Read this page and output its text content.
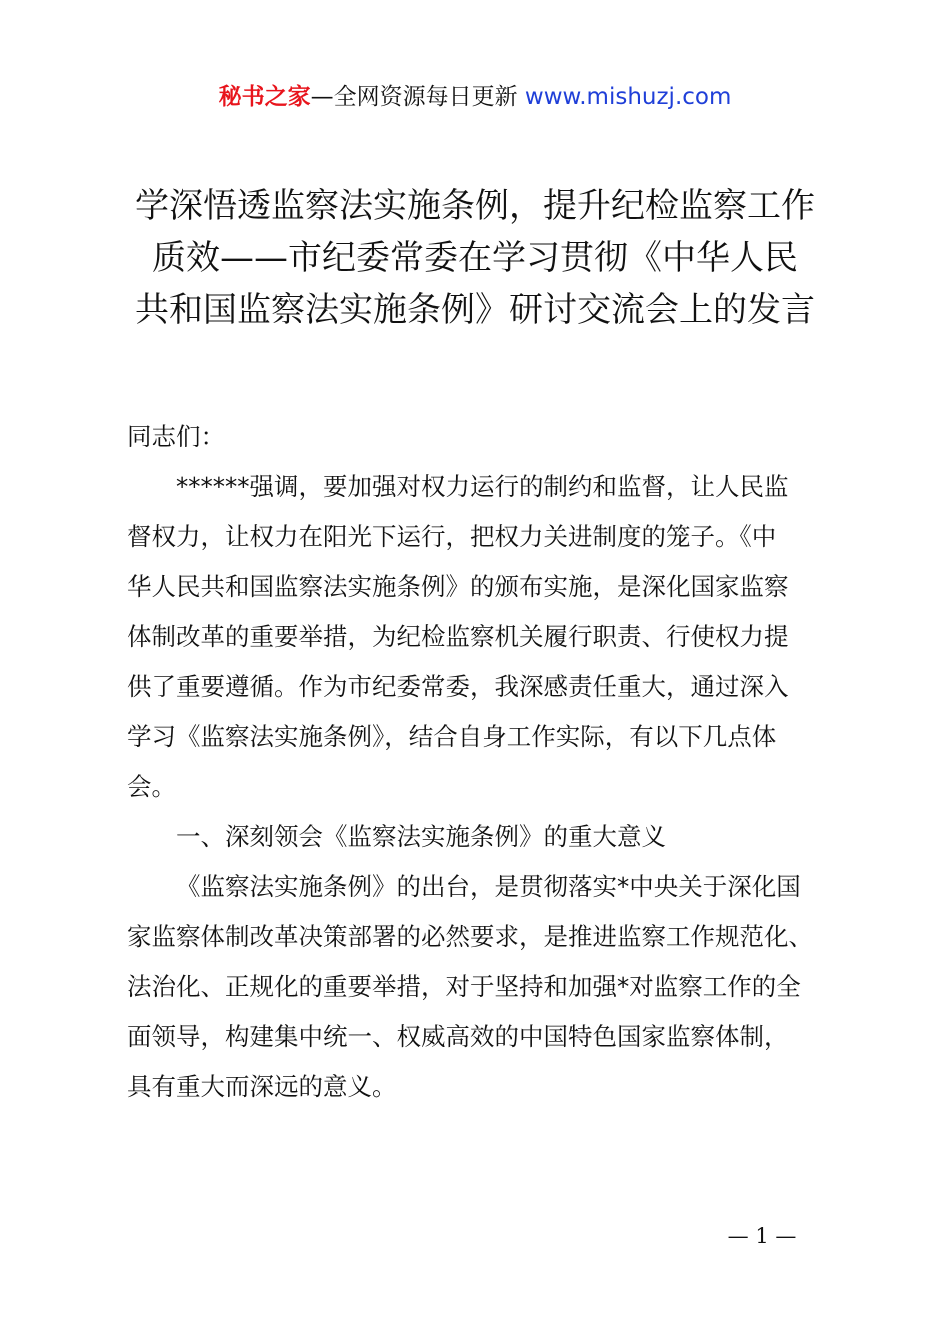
秘书之家—全网资源每日更新 www.mishuzj.com
学深悟透监察法实施条例，提升纪检监察工作
质效——市纪委常委在学习贯彻《中华人民
共和国监察法实施条例》研讨交流会上的发言

同志们：

******强调，要加强对权力运行的制约和监督，让人民监
督权力，让权力在阳光下运行，把权力关进制度的笼子。《中
华人民共和国监察法实施条例》的颁布实施，是深化国家监察
体制改革的重要举措，为纪检监察机关履行职责、行使权力提
供了重要遵循。作为市纪委常委，我深感责任重大，通过深入
学习《监察法实施条例》，结合自身工作实际，有以下几点体
会。

一、深刻领会《监察法实施条例》的重大意义

《监察法实施条例》的出台，是贯彻落实*中央关于深化国
家监察体制改革决策部署的必然要求，是推进监察工作规范化、
法治化、正规化的重要举措，对于坚持和加强*对监察工作的全
面领导，构建集中统一、权威高效的中国特色国家监察体制，
具有重大而深远的意义。

— 1 —
